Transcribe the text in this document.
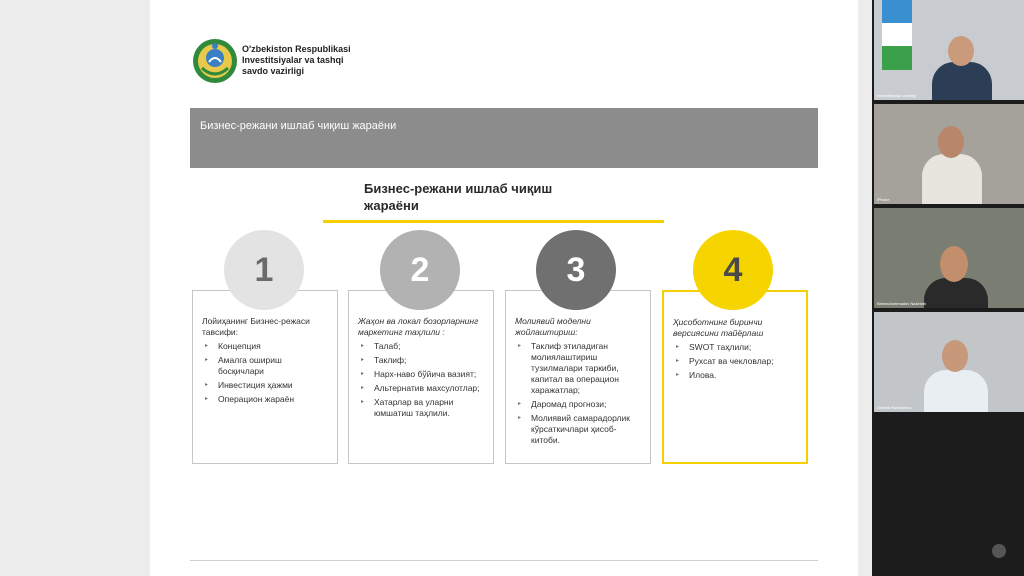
O'zbekiston Respublikasi
Investitsiyalar va tashqi
savdo vazirligi
Бизнес-режани ишлаб чиқиш жараёни
Бизнес-режани ишлаб чиқиш жараёни
1	2	3	4
Лойиҳанинг Бизнес-режаси тавсифи:
▸ Концепция
▸ Амалга ошириш босқичлари
▸ Инвестиция ҳажми
▸ Операцион жараён
Жаҳон ва локал бозорларнинг маркетинг таҳлили :
▸ Талаб;
▸ Таклиф;
▸ Нарх-наво бўйича вазият;
▸ Альтернатив махсулотлар;
▸ Хатарлар ва уларни юмшатиш таҳлили.
Молиявий моделни жойлаштириш:
▸ Таклиф этиладиган молиялаштириш тузилмалари таркиби, капитал ва операцион харажатлар;
▸ Даромад прогнози;
▸ Молиявий самарадорлик кўрсаткичлари ҳисоб-китоби.
Ҳисоботнинг биринчи версиясини тайёрлаш
▸ SWOT таҳлили;
▸ Рухсат ва чекловлар;
▸ Илова.
Investitsiyalar vazirligi
iPhone
Bekmuhammadov Nazirbek
Otabek Hamdamov
